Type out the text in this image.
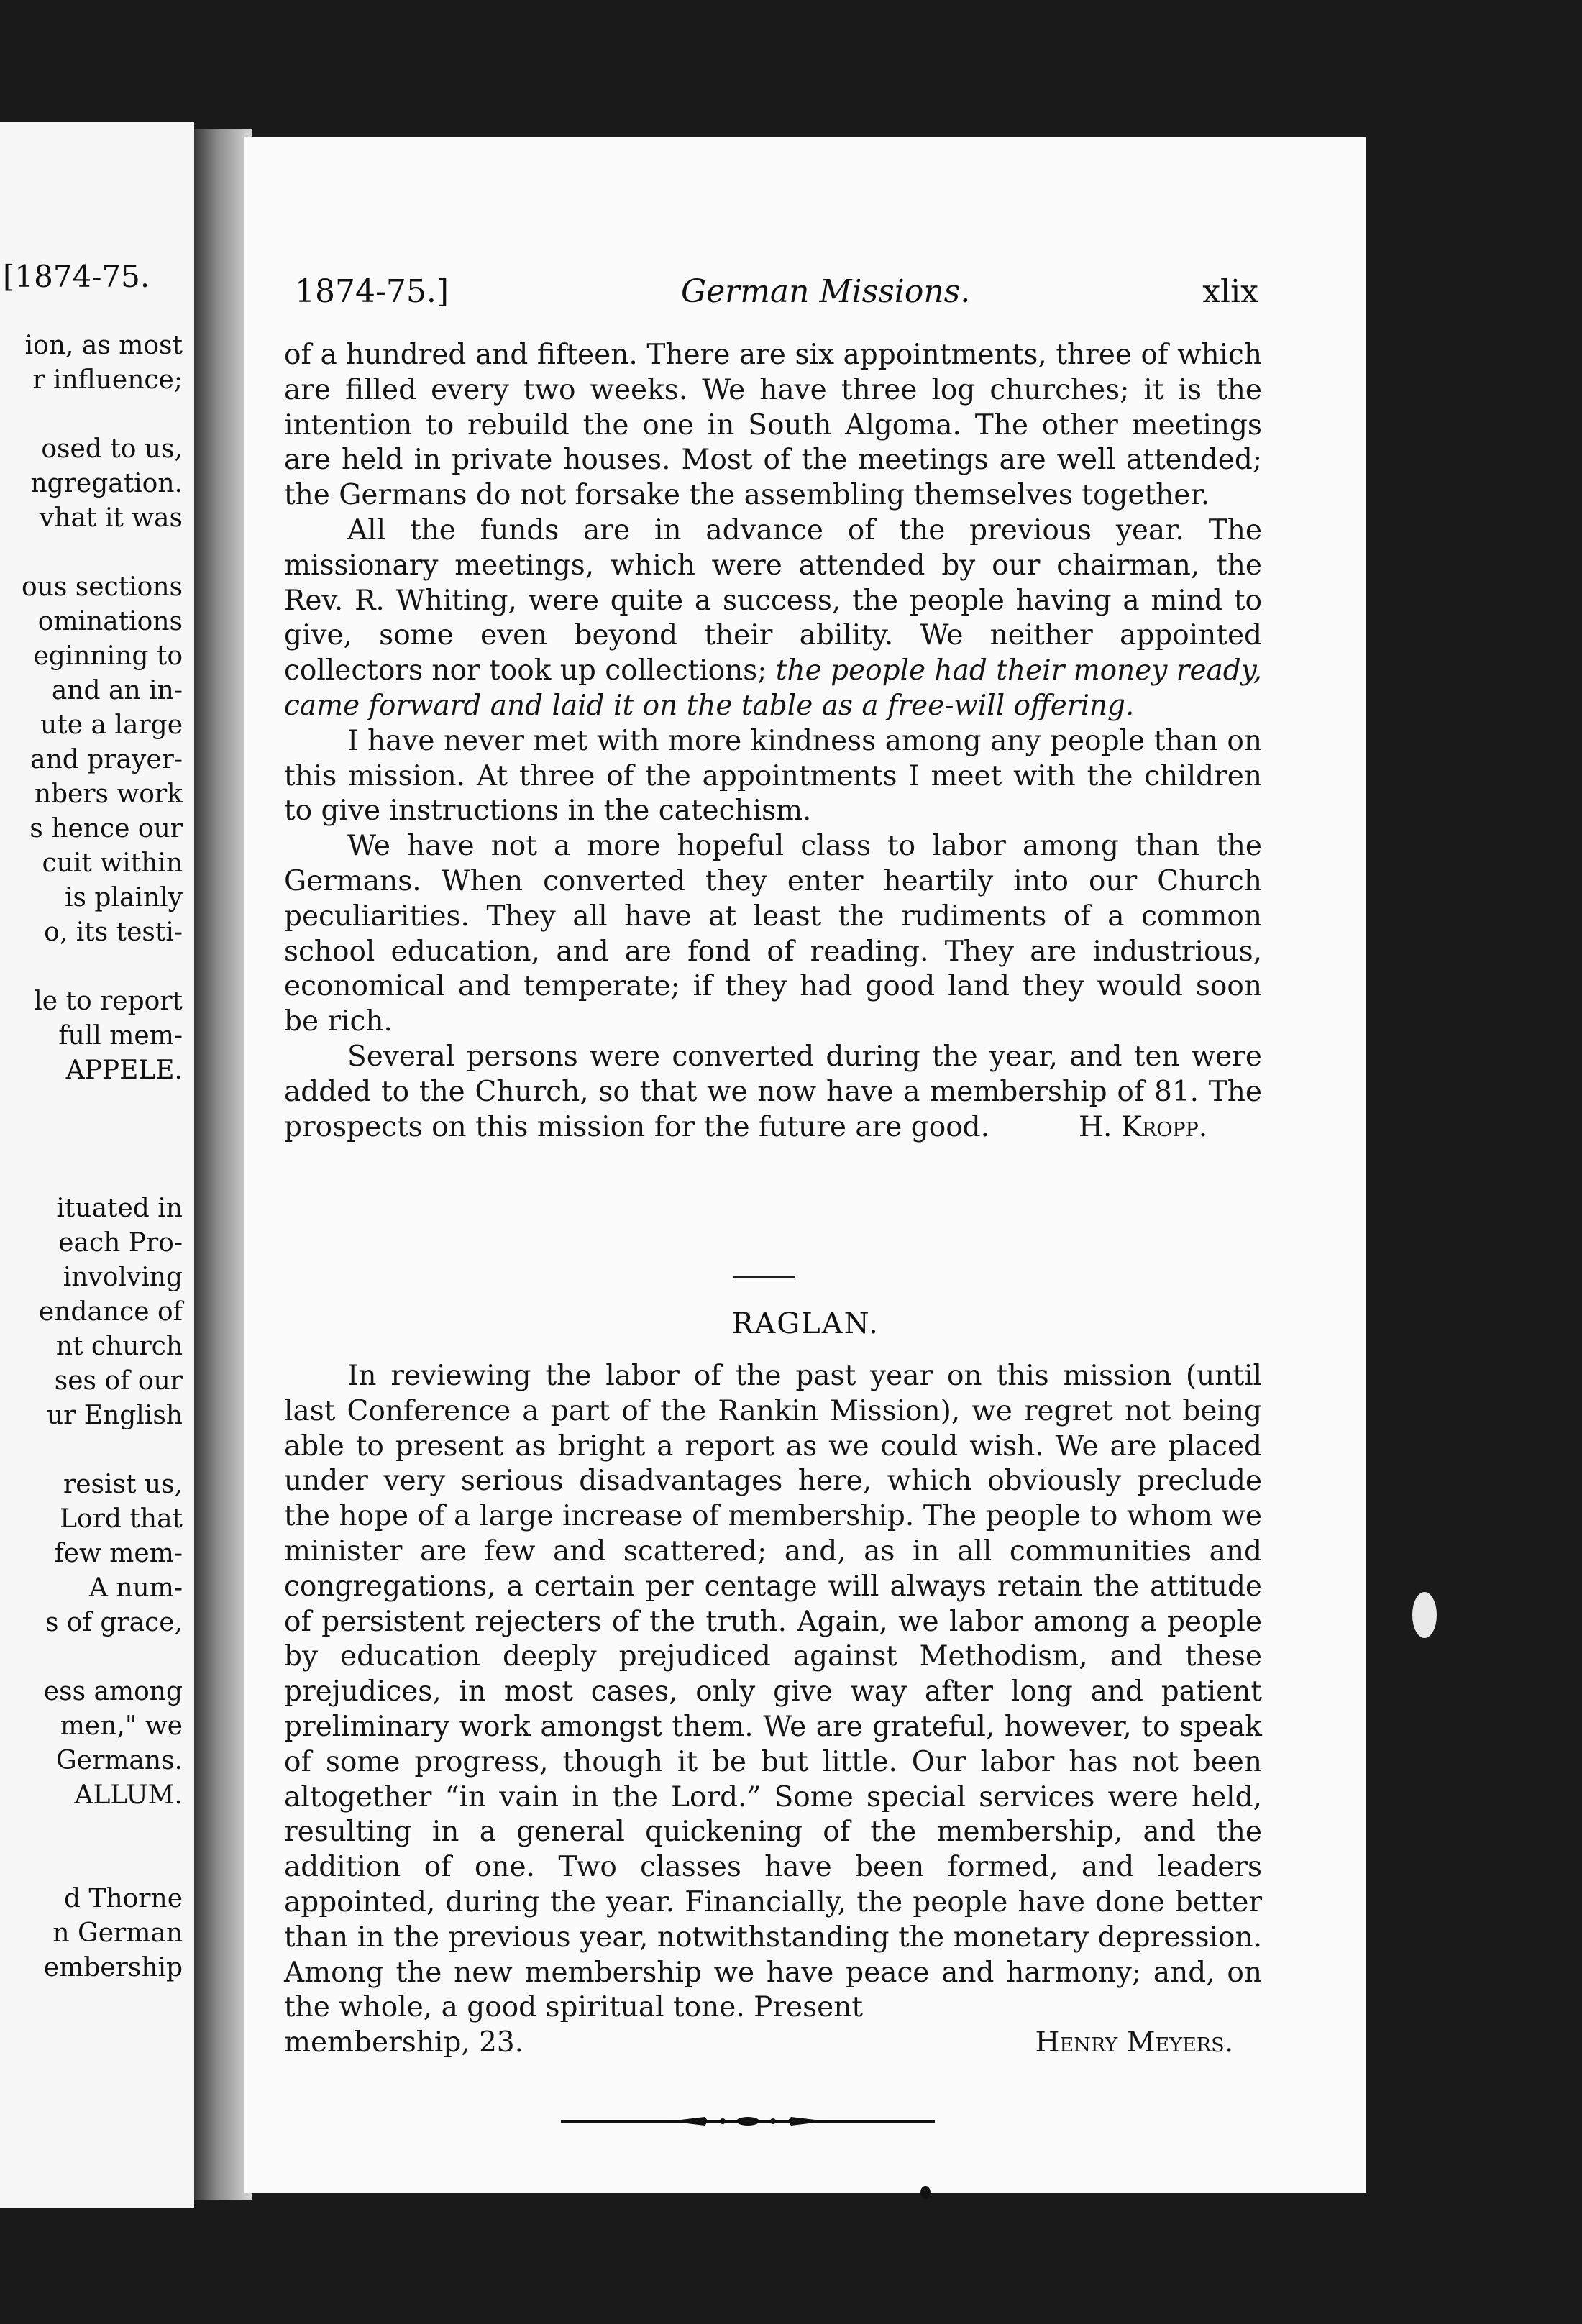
[1874-75.
ion, as most
r influence;
osed to us,
ngregation.
vhat it was
ous sections
ominations
eginning to
and an in-
ute a large
and prayer-
nbers work
s hence our
cuit within
is plainly
o, its testi-
le to report
full mem-
APPELE.
ituated in
each Pro-
involving
endance of
nt church
ses of our
ur English
resist us,
Lord that
few mem-
A num-
s of grace,
ess among
men," we
Germans.
ALLUM.
d Thorne
n German
embership
1874-75.]	German Missions.	xlix

of a hundred and fifteen. There are six appointments, three of which are filled every two weeks. We have three log churches; it is the intention to rebuild the one in South Algoma. The other meetings are held in private houses. Most of the meetings are well attended; the Germans do not forsake the assembling themselves together.

All the funds are in advance of the previous year. The missionary meetings, which were attended by our chairman, the Rev. R. Whiting, were quite a success, the people having a mind to give, some even beyond their ability. We neither appointed collectors nor took up collections; the people had their money ready, came forward and laid it on the table as a free-will offering.

I have never met with more kindness among any people than on this mission. At three of the appointments I meet with the children to give instructions in the catechism.

We have not a more hopeful class to labor among than the Germans. When converted they enter heartily into our Church peculiarities. They all have at least the rudiments of a common school education, and are fond of reading. They are industrious, economical and temperate; if they had good land they would soon be rich.

Several persons were converted during the year, and ten were added to the Church, so that we now have a membership of 81. The prospects on this mission for the future are good.	H. Kropp.

RAGLAN.

In reviewing the labor of the past year on this mission (until last Conference a part of the Rankin Mission), we regret not being able to present as bright a report as we could wish. We are placed under very serious disadvantages here, which obviously preclude the hope of a large increase of membership. The people to whom we minister are few and scattered; and, as in all communities and congregations, a certain per centage will always retain the attitude of persistent rejecters of the truth. Again, we labor among a people by education deeply prejudiced against Methodism, and these prejudices, in most cases, only give way after long and patient preliminary work amongst them. We are grateful, however, to speak of some progress, though it be but little. Our labor has not been altogether “in vain in the Lord.” Some special services were held, resulting in a general quickening of the membership, and the addition of one. Two classes have been formed, and leaders appointed, during the year. Financially, the people have done better than in the previous year, notwithstanding the monetary depression. Among the new membership we have peace and harmony; and, on the whole, a good spiritual tone. Present

membership, 23.	Henry Meyers.
